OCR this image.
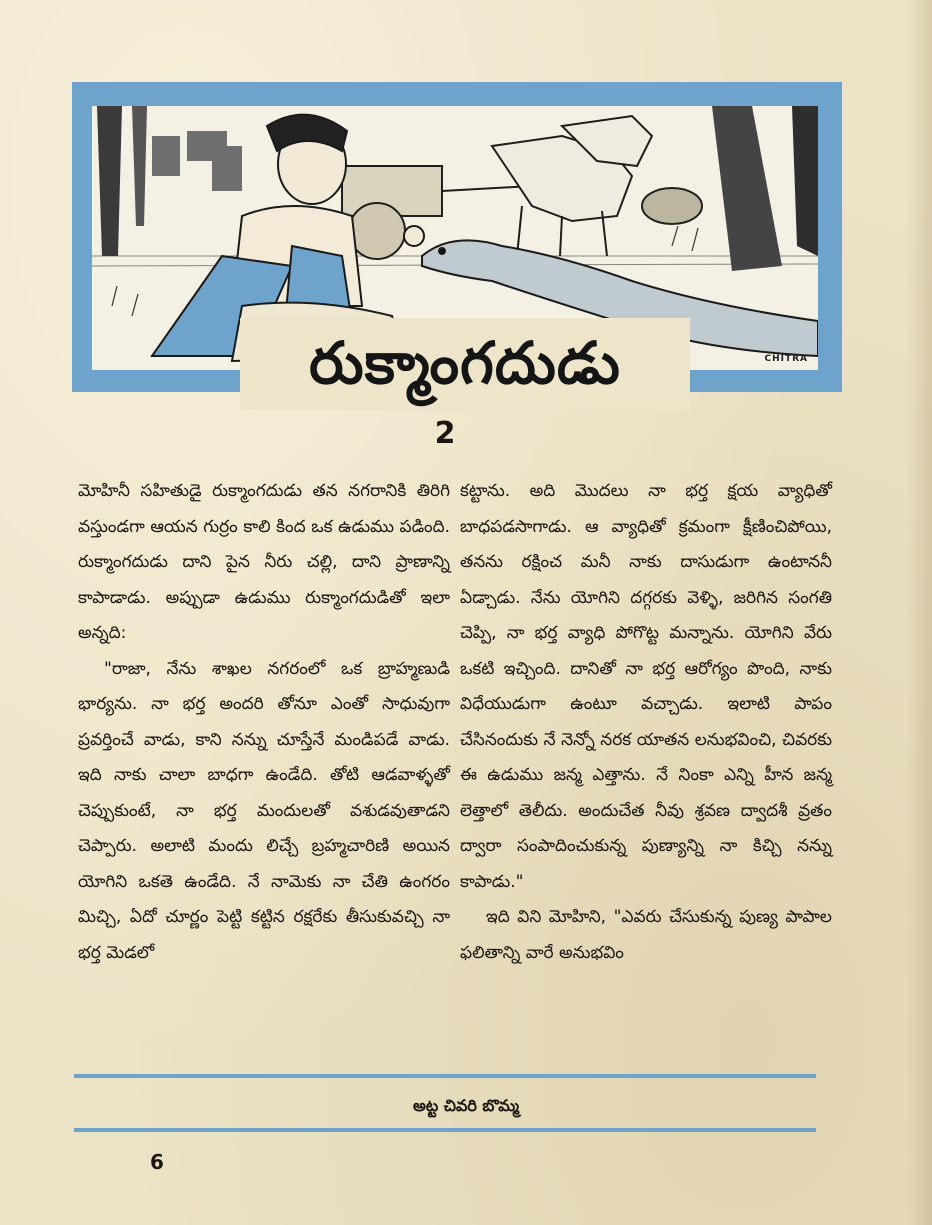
CHITRA
రుక్మాంగదుడు
2

మోహినీ సహితుడై రుక్మాంగదుడు తన నగరానికి తిరిగి వస్తుండగా ఆయన గుర్రం కాలి కింద ఒక ఉడుము పడింది. రుక్మాంగదుడు దాని పైన నీరు చల్లి, దాని ప్రాణాన్ని కాపాడాడు. అప్పుడా ఉడుము రుక్మాంగదుడితో ఇలా అన్నది:

"రాజా, నేను శాఖల నగరంలో ఒక బ్రాహ్మణుడి భార్యను. నా భర్త అందరి తోనూ ఎంతో సాధువుగా ప్రవర్తించే వాడు, కాని నన్ను చూస్తేనే మండిపడే వాడు. ఇది నాకు చాలా బాధగా ఉండేది. తోటి ఆడవాళ్ళతో చెప్పుకుంటే, నా భర్త మందులతో వశుడవుతాడని చెప్పారు. అలాటి మందు లిచ్చే బ్రహ్మచారిణి అయిన యోగిని ఒకతె ఉండేది. నే నామెకు నా చేతి ఉంగరం మిచ్చి, ఏదో చూర్ణం పెట్టి కట్టిన రక్షరేకు తీసుకువచ్చి నా భర్త మెడలో

కట్టాను. అది మొదలు నా భర్త క్షయ వ్యాధితో బాధపడసాగాడు. ఆ వ్యాధితో క్రమంగా క్షీణించిపోయి, తనను రక్షించ మనీ నాకు దాసుడుగా ఉంటాననీ ఏడ్చాడు. నేను యోగిని దగ్గరకు వెళ్ళి, జరిగిన సంగతి చెప్పి, నా భర్త వ్యాధి పోగొట్ట మన్నాను. యోగిని వేరు ఒకటి ఇచ్చింది. దానితో నా భర్త ఆరోగ్యం పొంది, నాకు విధేయుడుగా ఉంటూ వచ్చాడు. ఇలాటి పాపం చేసినందుకు నే నెన్నో నరక యాతన లనుభవించి, చివరకు ఈ ఉడుము జన్మ ఎత్తాను. నే నింకా ఎన్ని హీన జన్మ లెత్తాలో తెలీదు. అందుచేత నీవు శ్రవణ ద్వాదశీ వ్రతం ద్వారా సంపాదించుకున్న పుణ్యాన్ని నా కిచ్చి నన్ను కాపాడు."

ఇది విని మోహిని, "ఎవరు చేసుకున్న పుణ్య పాపాల ఫలితాన్ని వారే అనుభవిం

అట్ట చివరి బొమ్మ
6
